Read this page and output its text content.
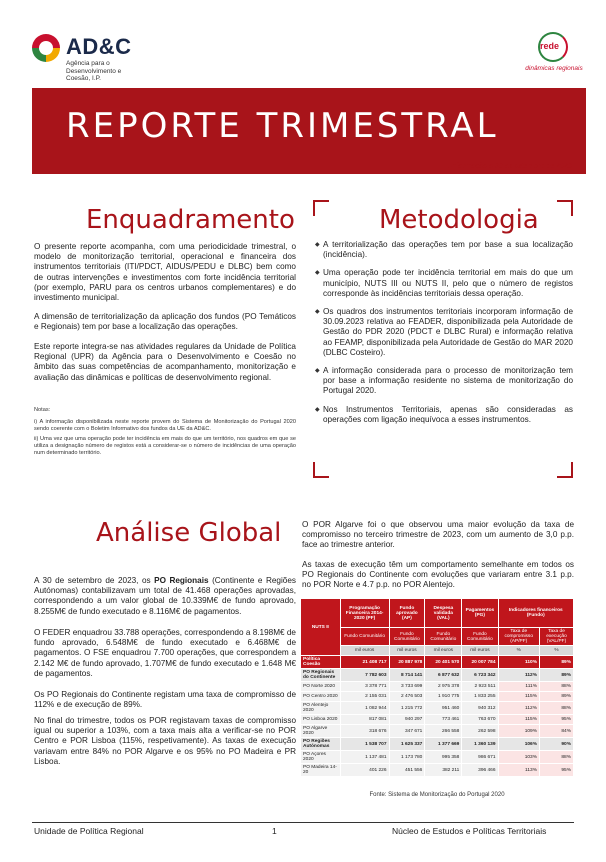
AD&C
Agência para o Desenvolvimento e Coesão, I.P.
rede
dinâmicas regionais
REPORTE TRIMESTRAL
Informação a 30 de setembro de 2023
Enquadramento

O presente reporte acompanha, com uma periodicidade trimestral, o modelo de monitorização territorial, operacional e financeira dos instrumentos territoriais (ITI/PDCT, AIDUS/PEDU e DLBC) bem como de outras intervenções e investimentos com forte incidência territorial (por exemplo, PARU para os centros urbanos complementares) e do investimento municipal.

A dimensão de territorialização da aplicação dos fundos (PO Temáticos e Regionais) tem por base a localização das operações.

Este reporte integra-se nas atividades regulares da Unidade de Política Regional (UPR) da Agência para o Desenvolvimento e Coesão no âmbito das suas competências de acompanhamento, monitorização e avaliação das dinâmicas e políticas de desenvolvimento regional.

Notas:

i) A informação disponibilizada neste reporte provem do Sistema de Monitorização do Portugal 2020 sendo coerente com o Boletim Informativo dos fundos da UE da AD&C.

ii) Uma vez que uma operação pode ter incidência em mais do que um território, nos quadros em que se utiliza a designação número de registos está a considerar-se o número de incidências de uma operação num determinado território.

Metodologia
◆ A territorialização das operações tem por base a sua localização (incidência).
◆ Uma operação pode ter incidência territorial em mais do que um município, NUTS III ou NUTS II, pelo que o número de registos corresponde às incidências territoriais dessa operação.
◆ Os quadros dos instrumentos territoriais incorporam informação de 30.09.2023 relativa ao FEADER, disponibilizada pela Autoridade de Gestão do PDR 2020 (PDCT e DLBC Rural) e informação relativa ao FEAMP, disponibilizada pela Autoridade de Gestão do MAR 2020 (DLBC Costeiro).
◆ A informação considerada para o processo de monitorização tem por base a informação residente no sistema de monitorização do Portugal 2020.
◆ Nos Instrumentos Territoriais, apenas são consideradas as operações com ligação inequívoca a esses instrumentos.
Análise Global

A 30 de setembro de 2023, os PO Regionais (Continente e Regiões Autónomas) contabilizavam um total de 41.468 operações aprovadas, correspondendo a um valor global de 10.339M€ de fundo aprovado, 8.255M€ de fundo executado e 8.116M€ de pagamentos.

O FEDER enquadrou 33.788 operações, correspondendo a 8.198M€ de fundo aprovado, 6.548M€ de fundo executado e 6.468M€ de pagamentos. O FSE enquadrou 7.700 operações, que correspondem a 2.142 M€ de fundo aprovado, 1.707M€ de fundo executado e 1.648 M€ de pagamentos.

Os PO Regionais do Continente registam uma taxa de compromisso de 112% e de execução de 89%.

No final do trimestre, todos os POR registavam taxas de compromisso igual ou superior a 103%, com a taxa mais alta a verificar-se no POR Centro e POR Lisboa (115%, respetivamente). As taxas de execução variavam entre 84% no POR Algarve e os 95% no PO Madeira e PR Lisboa.

O POR Algarve foi o que observou uma maior evolução da taxa de compromisso no terceiro trimestre de 2023, com um aumento de 3,0 p.p. face ao trimestre anterior.

As taxas de execução têm um comportamento semelhante em todos os PO Regionais do Continente com evoluções que variaram entre 3.1 p.p. no POR Norte e 4.7 p.p. no POR Alentejo.

NUTS II	Programação Financeira 2014-2020 (PF)	Fundo aprovado (AP)	Despesa validada (VAL)	Pagamentos (PG)	Indicadores financeiros (Fundo)	
	Fundo Comunitário	Fundo Comunitário	Fundo Comunitário	Fundo Comunitário	Taxa de compromisso (AP/PF)	Taxa de execução (VAL/PF)
	mil euros	mil euros	mil euros	mil euros	%	%
Política Coesão	21 408 717	20 887 978	20 401 570	20 007 784	110%	89%
PO Regionais do Continente	7 782 603	8 714 141	6 877 632	6 723 342	112%	89%
PO Norte 2020	3 378 771	3 733 699	2 975 378	2 923 511	111%	88%
PO Centro 2020	2 155 031	2 476 503	1 910 775	1 833 255	115%	89%
PO Alentejo 2020	1 082 944	1 215 772	951 460	940 312	112%	88%
PO Lisboa 2020	817 081	940 297	773 461	763 670	115%	95%
PO Algarve 2020	318 676	347 671	266 558	262 598	109%	84%
PO Regiões Autónomas	1 538 707	1 625 337	1 377 669	1 360 139	106%	90%
PO Açores 2020	1 137 481	1 173 780	995 358	986 671	103%	88%
PO Madeira 14-20	401 226	451 556	382 211	396 466	113%	95%
Fonte: Sistema de Monitorização do Portugal 2020
Unidade de Política Regional	1	Núcleo de Estudos e Políticas Territoriais
